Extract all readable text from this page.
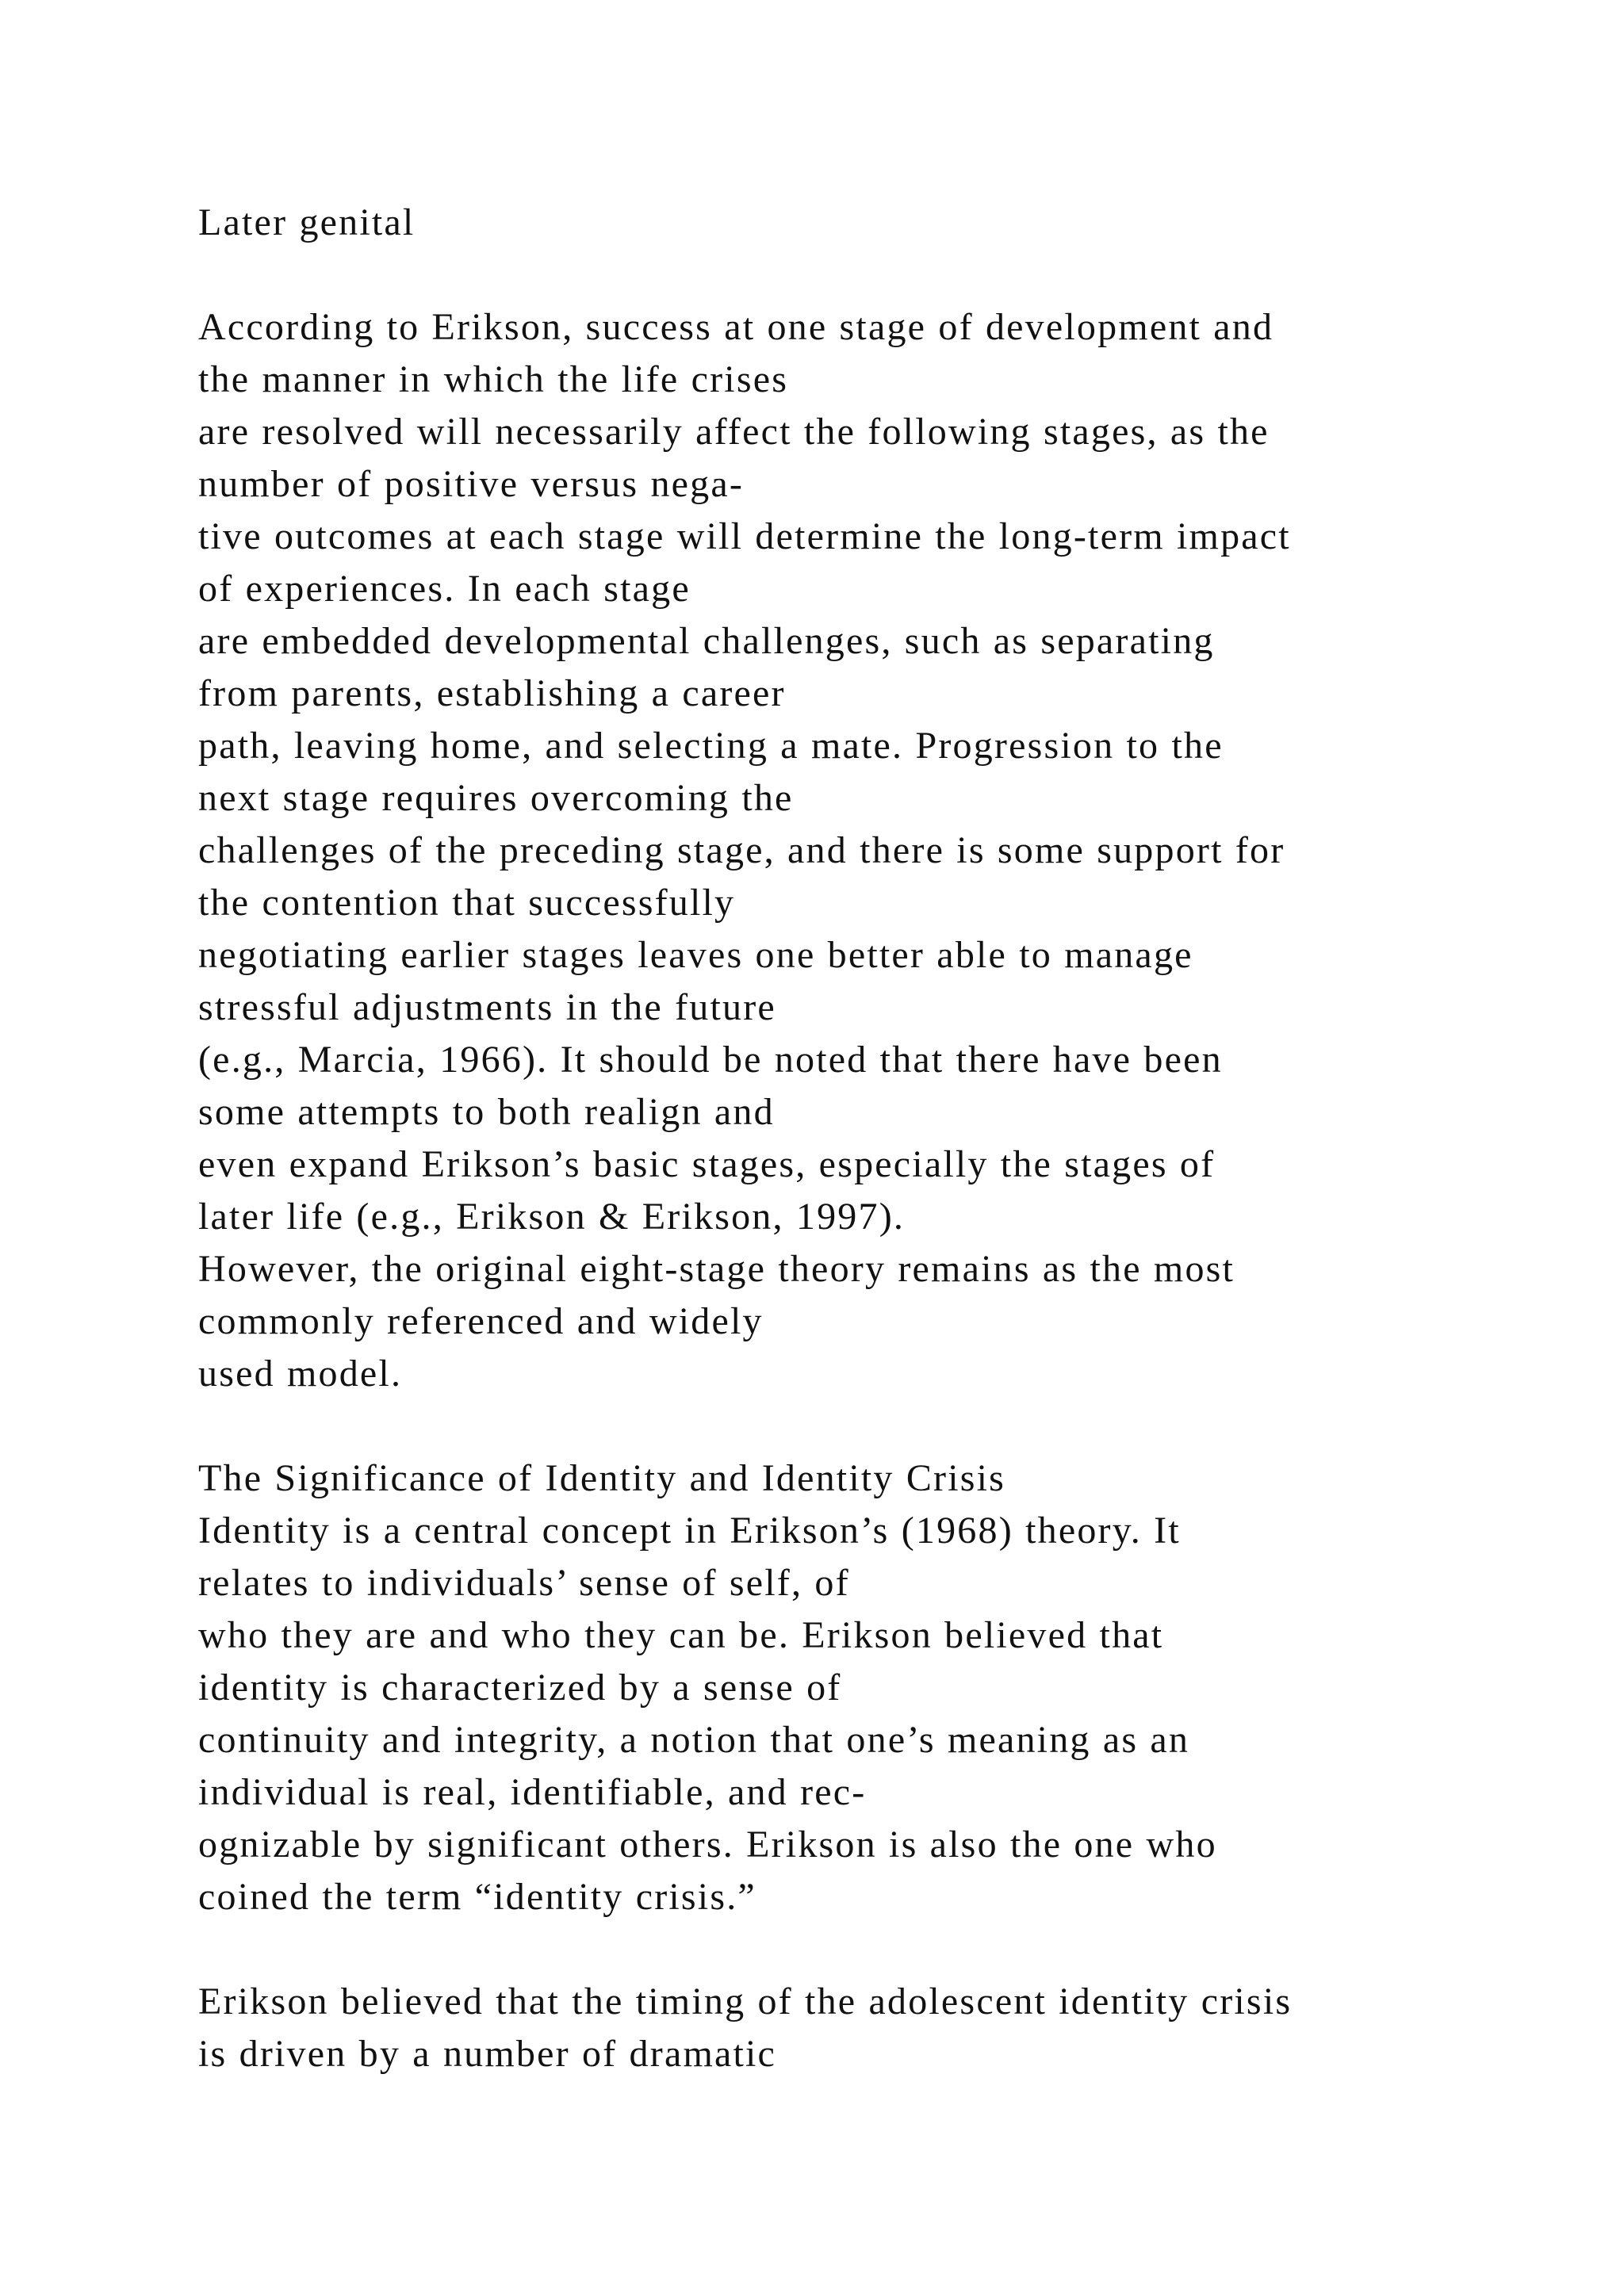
Later genital
According to Erikson, success at one stage of development and
the manner in which the life crises
are resolved will necessarily affect the following stages, as the
number of positive versus nega-
tive outcomes at each stage will determine the long-term impact
of experiences. In each stage
are embedded developmental challenges, such as separating
from parents, establishing a career
path, leaving home, and selecting a mate. Progression to the
next stage requires overcoming the
challenges of the preceding stage, and there is some support for
the contention that successfully
negotiating earlier stages leaves one better able to manage
stressful adjustments in the future
(e.g., Marcia, 1966). It should be noted that there have been
some attempts to both realign and
even expand Erikson’s basic stages, especially the stages of
later life (e.g., Erikson & Erikson, 1997).
However, the original eight-stage theory remains as the most
commonly referenced and widely
used model.
The Significance of Identity and Identity Crisis
Identity is a central concept in Erikson’s (1968) theory. It
relates to individuals’ sense of self, of
who they are and who they can be. Erikson believed that
identity is characterized by a sense of
continuity and integrity, a notion that one’s meaning as an
individual is real, identifiable, and rec-
ognizable by significant others. Erikson is also the one who
coined the term “identity crisis.”
Erikson believed that the timing of the adolescent identity crisis
is driven by a number of dramatic
